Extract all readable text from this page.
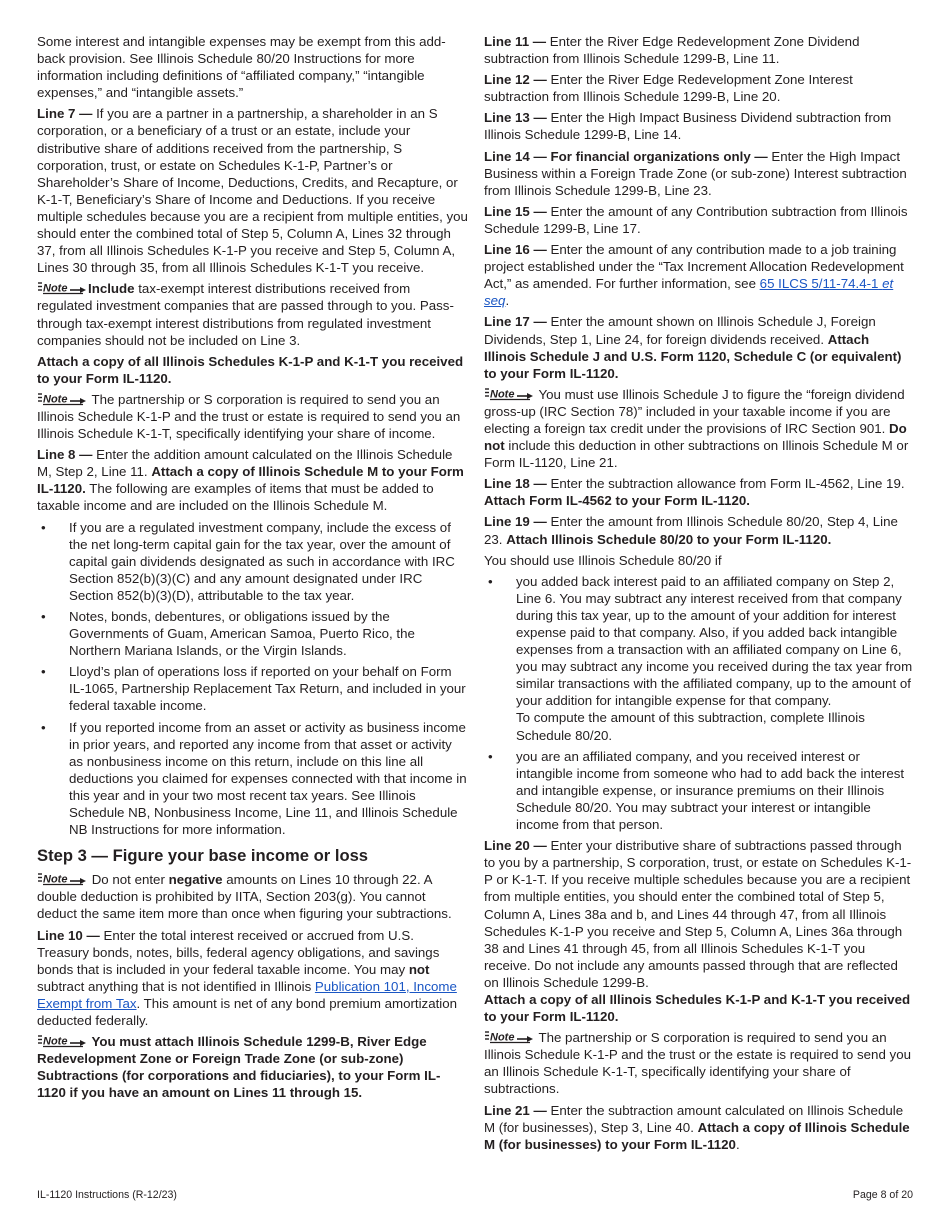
Some interest and intangible expenses may be exempt from this add-back provision. See Illinois Schedule 80/20 Instructions for more information including definitions of “affiliated company,” “intangible expenses,” and “intangible assets.”

Line 7 — If you are a partner in a partnership, a shareholder in an S corporation, or a beneficiary of a trust or an estate, include your distributive share of additions received from the partnership, S corporation, trust, or estate on Schedules K-1-P, Partner’s or Shareholder’s Share of Income, Deductions, Credits, and Recapture, or K-1-T, Beneficiary’s Share of Income and Deductions. If you receive multiple schedules because you are a recipient from multiple entities, you should enter the combined total of Step 5, Column A, Lines 32 through 37, from all Illinois Schedules K-1-P you receive and Step 5, Column A, Lines 30 through 35, from all Illinois Schedules K-1-T you receive.

Include tax-exempt interest distributions received from regulated investment companies that are passed through to you. Pass-through tax-exempt interest distributions from regulated investment companies should not be included on Line 3.

Attach a copy of all Illinois Schedules K-1-P and K-1-T you received to your Form IL-1120.

The partnership or S corporation is required to send you an Illinois Schedule K-1-P and the trust or estate is required to send you an Illinois Schedule K-1-T, specifically identifying your share of income.

Line 8 — Enter the addition amount calculated on the Illinois Schedule M, Step 2, Line 11. Attach a copy of Illinois Schedule M to your Form IL-1120. The following are examples of items that must be added to taxable income and are included on the Illinois Schedule M.

• If you are a regulated investment company, include the excess of the net long-term capital gain for the tax year, over the amount of capital gain dividends designated as such in accordance with IRC Section 852(b)(3)(C) and any amount designated under IRC Section 852(b)(3)(D), attributable to the tax year.
• Notes, bonds, debentures, or obligations issued by the Governments of Guam, American Samoa, Puerto Rico, the Northern Mariana Islands, or the Virgin Islands.
• Lloyd’s plan of operations loss if reported on your behalf on Form IL-1065, Partnership Replacement Tax Return, and included in your federal taxable income.
• If you reported income from an asset or activity as business income in prior years, and reported any income from that asset or activity as nonbusiness income on this return, include on this line all deductions you claimed for expenses connected with that income in this year and in your two most recent tax years. See Illinois Schedule NB, Nonbusiness Income, Line 11, and Illinois Schedule NB Instructions for more information.
Step 3 — Figure your base income or loss

Do not enter negative amounts on Lines 10 through 22. A double deduction is prohibited by IITA, Section 203(g). You cannot deduct the same item more than once when figuring your subtractions.

Line 10 — Enter the total interest received or accrued from U.S. Treasury bonds, notes, bills, federal agency obligations, and savings bonds that is included in your federal taxable income. You may not subtract anything that is not identified in Illinois Publication 101, Income Exempt from Tax. This amount is net of any bond premium amortization deducted federally.

You must attach Illinois Schedule 1299-B, River Edge Redevelopment Zone or Foreign Trade Zone (or sub-zone) Subtractions (for corporations and fiduciaries), to your Form IL-1120 if you have an amount on Lines 11 through 15.

Line 11 — Enter the River Edge Redevelopment Zone Dividend subtraction from Illinois Schedule 1299-B, Line 11.

Line 12 — Enter the River Edge Redevelopment Zone Interest subtraction from Illinois Schedule 1299-B, Line 20.

Line 13 — Enter the High Impact Business Dividend subtraction from Illinois Schedule 1299-B, Line 14.

Line 14 — For financial organizations only — Enter the High Impact Business within a Foreign Trade Zone (or sub-zone) Interest subtraction from Illinois Schedule 1299-B, Line 23.

Line 15 — Enter the amount of any Contribution subtraction from Illinois Schedule 1299-B, Line 17.

Line 16 — Enter the amount of any contribution made to a job training project established under the “Tax Increment Allocation Redevelopment Act,” as amended. For further information, see 65 ILCS 5/11-74.4-1 et seq.

Line 17 — Enter the amount shown on Illinois Schedule J, Foreign Dividends, Step 1, Line 24, for foreign dividends received. Attach Illinois Schedule J and U.S. Form 1120, Schedule C (or equivalent) to your Form IL-1120.

You must use Illinois Schedule J to figure the “foreign dividend gross-up (IRC Section 78)” included in your taxable income if you are electing a foreign tax credit under the provisions of IRC Section 901. Do not include this deduction in other subtractions on Illinois Schedule M or Form IL-1120, Line 21.

Line 18 — Enter the subtraction allowance from Form IL-4562, Line 19. Attach Form IL-4562 to your Form IL-1120.

Line 19 — Enter the amount from Illinois Schedule 80/20, Step 4, Line 23. Attach Illinois Schedule 80/20 to your Form IL-1120.

You should use Illinois Schedule 80/20 if

• you added back interest paid to an affiliated company on Step 2, Line 6. You may subtract any interest received from that company during this tax year, up to the amount of your addition for interest expense paid to that company. Also, if you added back intangible expenses from a transaction with an affiliated company on Line 6, you may subtract any income you received during the tax year from similar transactions with the affiliated company, up to the amount of your addition for intangible expense for that company.
To compute the amount of this subtraction, complete Illinois Schedule 80/20.
• you are an affiliated company, and you received interest or intangible income from someone who had to add back the interest and intangible expense, or insurance premiums on their Illinois Schedule 80/20. You may subtract your interest or intangible income from that person.

Line 20 — Enter your distributive share of subtractions passed through to you by a partnership, S corporation, trust, or estate on Schedules K-1-P or K-1-T. If you receive multiple schedules because you are a recipient from multiple entities, you should enter the combined total of Step 5, Column A, Lines 38a and b, and Lines 44 through 47, from all Illinois Schedules K-1-P you receive and Step 5, Column A, Lines 36a through 38 and Lines 41 through 45, from all Illinois Schedules K-1-T you receive. Do not include any amounts passed through that are reflected on Illinois Schedule 1299-B.

Attach a copy of all Illinois Schedules K-1-P and K-1-T you received to your Form IL-1120.

The partnership or S corporation is required to send you an Illinois Schedule K-1-P and the trust or the estate is required to send you an Illinois Schedule K-1-T, specifically identifying your share of subtractions.

Line 21 — Enter the subtraction amount calculated on Illinois Schedule M (for businesses), Step 3, Line 40. Attach a copy of Illinois Schedule M (for businesses) to your Form IL-1120.

IL-1120 Instructions (R-12/23)	Page 8 of 20
